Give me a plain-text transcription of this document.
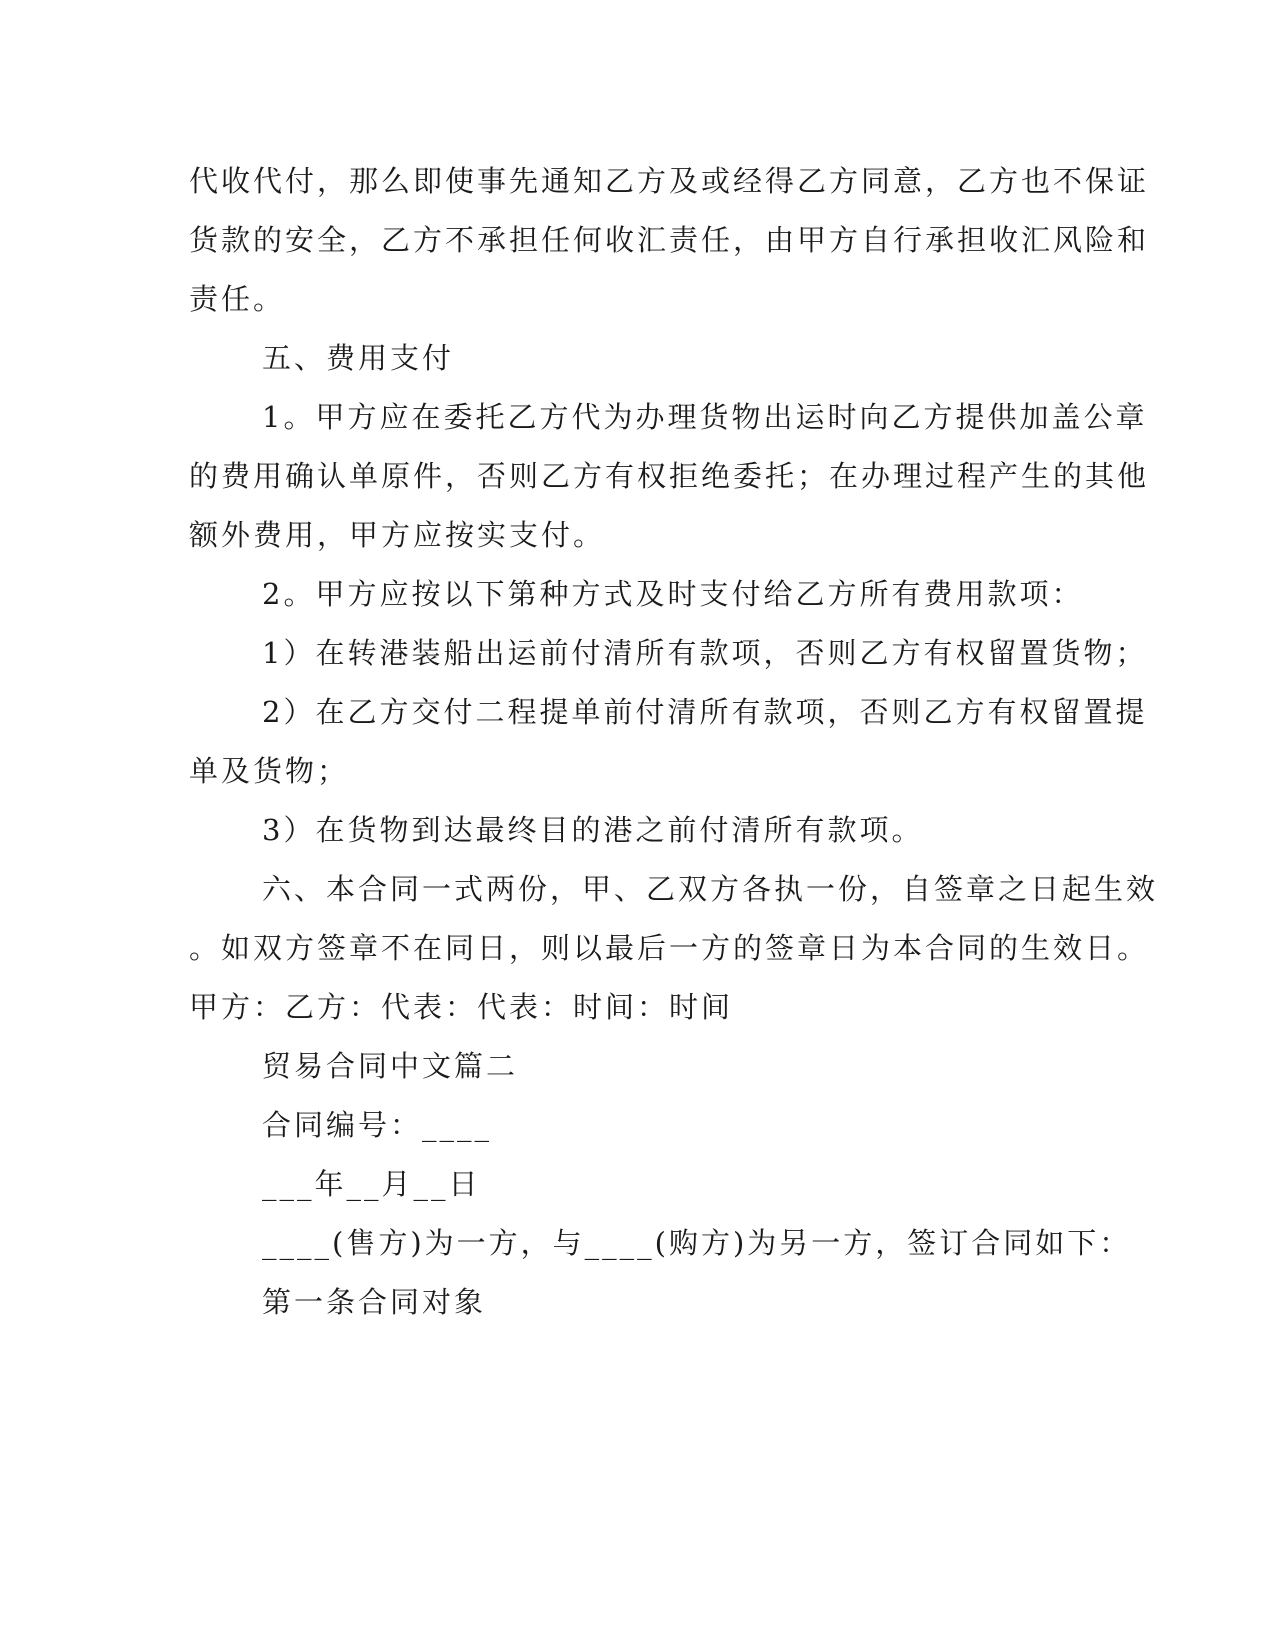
代收代付，那么即使事先通知乙方及或经得乙方同意，乙方也不保证
货款的安全，乙方不承担任何收汇责任，由甲方自行承担收汇风险和
责任。
五、费用支付
1。甲方应在委托乙方代为办理货物出运时向乙方提供加盖公章
的费用确认单原件，否则乙方有权拒绝委托；在办理过程产生的其他
额外费用，甲方应按实支付。
2。甲方应按以下第种方式及时支付给乙方所有费用款项：
1）在转港装船出运前付清所有款项，否则乙方有权留置货物；
2）在乙方交付二程提单前付清所有款项，否则乙方有权留置提
单及货物；
3）在货物到达最终目的港之前付清所有款项。
六、本合同一式两份，甲、乙双方各执一份，自签章之日起生效
。如双方签章不在同日，则以最后一方的签章日为本合同的生效日。
甲方：乙方：代表：代表：时间：时间
贸易合同中文篇二
合同编号：____
___年__月__日
____(售方)为一方，与____(购方)为另一方，签订合同如下：
第一条合同对象
